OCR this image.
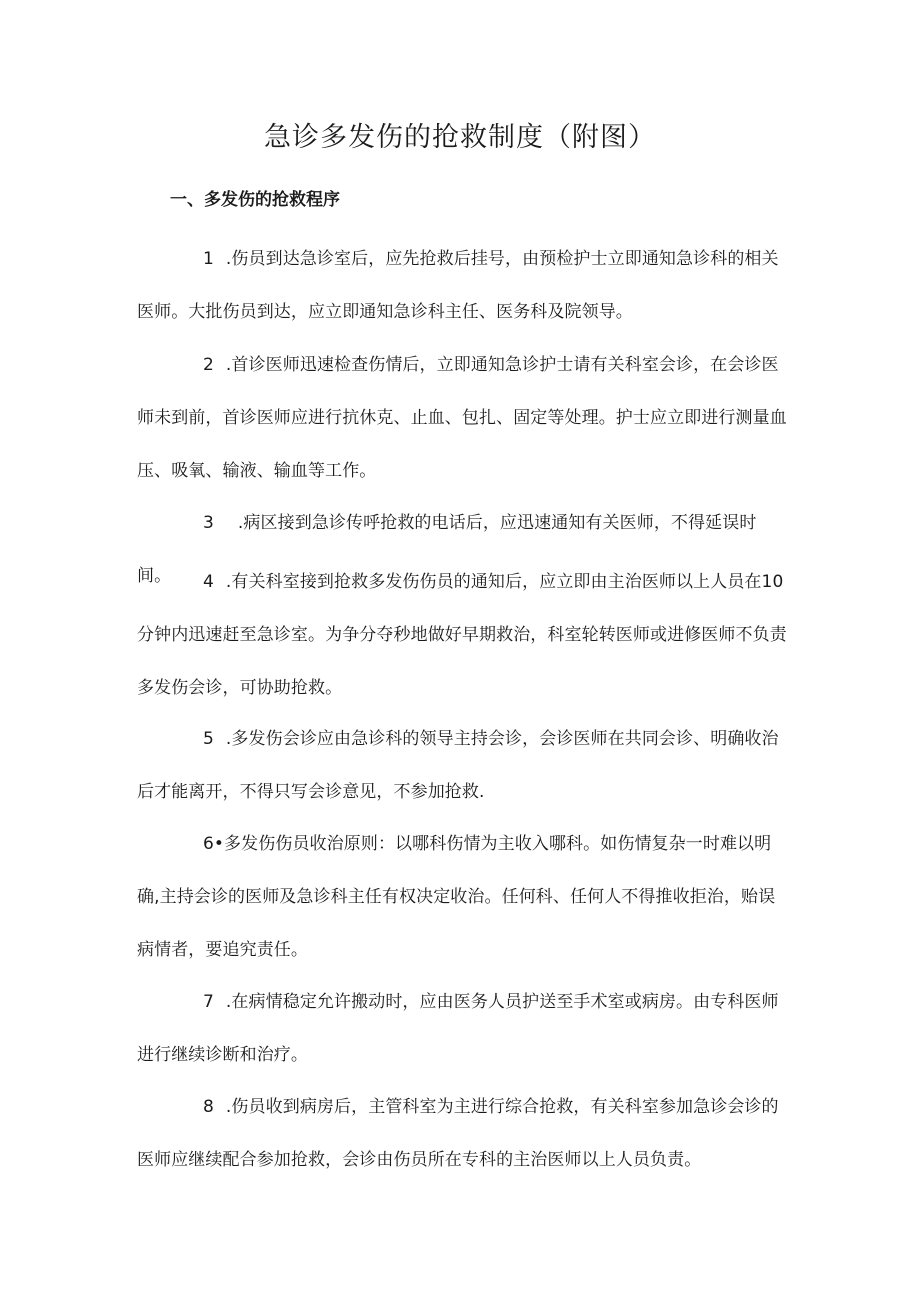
急诊多发伤的抢救制度（附图）
一、多发伤的抢救程序

1 .伤员到达急诊室后，应先抢救后挂号，由预检护士立即通知急诊科的相关医师。大批伤员到达，应立即通知急诊科主任、医务科及院领导。

2 .首诊医师迅速检查伤情后，立即通知急诊护士请有关科室会诊，在会诊医师未到前，首诊医师应进行抗休克、止血、包扎、固定等处理。护士应立即进行测量血压、吸氧、输液、输血等工作。

3 .病区接到急诊传呼抢救的电话后，应迅速通知有关医师，不得延误时间。	4 .有关科室接到抢救多发伤伤员的通知后，应立即由主治医师以上人员在10分钟内迅速赶至急诊室。为争分夺秒地做好早期救治，科室轮转医师或进修医师不负责多发伤会诊，可协助抢救。

5 .多发伤会诊应由急诊科的领导主持会诊，会诊医师在共同会诊、明确收治后才能离开，不得只写会诊意见，不参加抢救.

6•多发伤伤员收治原则：以哪科伤情为主收入哪科。如伤情复杂一时难以明确,主持会诊的医师及急诊科主任有权决定收治。任何科、任何人不得推收拒治，贻误病情者，要追究责任。

7 .在病情稳定允许搬动时，应由医务人员护送至手术室或病房。由专科医师进行继续诊断和治疗。

8 .伤员收到病房后，主管科室为主进行综合抢救，有关科室参加急诊会诊的医师应继续配合参加抢救，会诊由伤员所在专科的主治医师以上人员负责。
